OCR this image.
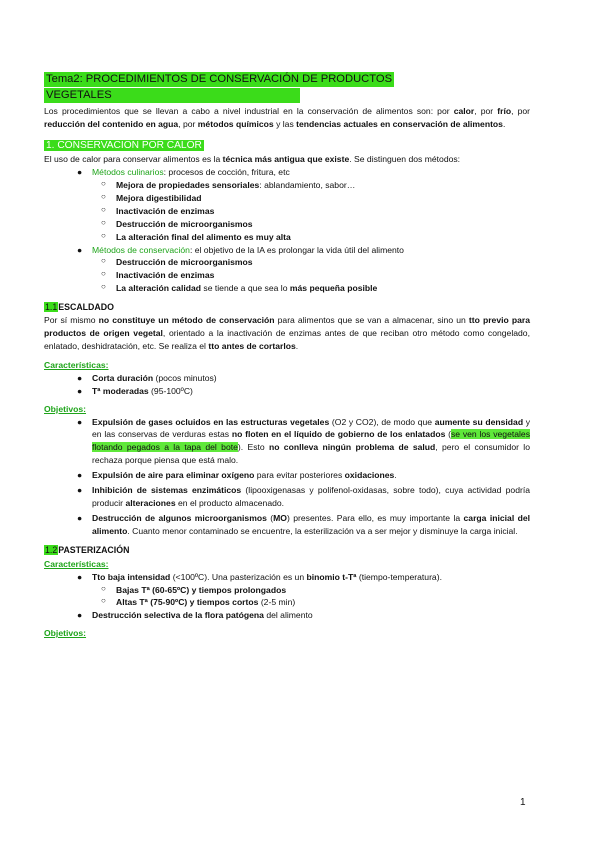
Tema2: PROCEDIMIENTOS DE CONSERVACIÓN DE PRODUCTOS
VEGETALES

Los procedimientos que se llevan a cabo a nivel industrial en la conservación de alimentos son: por calor, por frío, por reducción del contenido en agua, por métodos químicos y las tendencias actuales en conservación de alimentos.

1. CONSERVACION POR CALOR

El uso de calor para conservar alimentos es la técnica más antigua que existe. Se distinguen dos métodos:

● Métodos culinarios: procesos de cocción, fritura, etc
○ Mejora de propiedades sensoriales: ablandamiento, sabor…
○ Mejora digestibilidad
○ Inactivación de enzimas
○ Destrucción de microorganismos
○ La alteración final del alimento es muy alta
● Métodos de conservación: el objetivo de la IA es prolongar la vida útil del alimento
○ Destrucción de microorganismos
○ Inactivación de enzimas
○ La alteración calidad se tiende a que sea lo más pequeña posible
1.1ESCALDADO

Por sí mismo no constituye un método de conservación para alimentos que se van a almacenar, sino un tto previo para productos de origen vegetal, orientado a la inactivación de enzimas antes de que reciban otro método como congelado, enlatado, deshidratación, etc. Se realiza el tto antes de cortarlos.

Características:
● Corta duración (pocos minutos)
● Tª moderadas (95-100ºC)
Objetivos:
● Expulsión de gases ocluidos en las estructuras vegetales (O2 y CO2), de modo que aumente su densidad y en las conservas de verduras estas no floten en el líquido de gobierno de los enlatados (se ven los vegetales flotando pegados a la tapa del bote). Esto no conlleva ningún problema de salud, pero el consumidor lo rechaza porque piensa que está malo.
● Expulsión de aire para eliminar oxígeno para evitar posteriores oxidaciones.
● Inhibición de sistemas enzimáticos (lipooxigenasas y polifenol-oxidasas, sobre todo), cuya actividad podría producir alteraciones en el producto almacenado.
● Destrucción de algunos microorganismos (MO) presentes. Para ello, es muy importante la carga inicial del alimento. Cuanto menor contaminado se encuentre, la esterilización va a ser mejor y disminuye la carga inicial.
1.2PASTERIZACIÓN
Características:
● Tto baja intensidad (<100ºC). Una pasterización es un binomio t-Tª (tiempo-temperatura).
○ Bajas Tª (60-65ºC) y tiempos prolongados
○ Altas Tª (75-90ºC) y tiempos cortos (2-5 min)
● Destrucción selectiva de la flora patógena del alimento
Objetivos:
1
